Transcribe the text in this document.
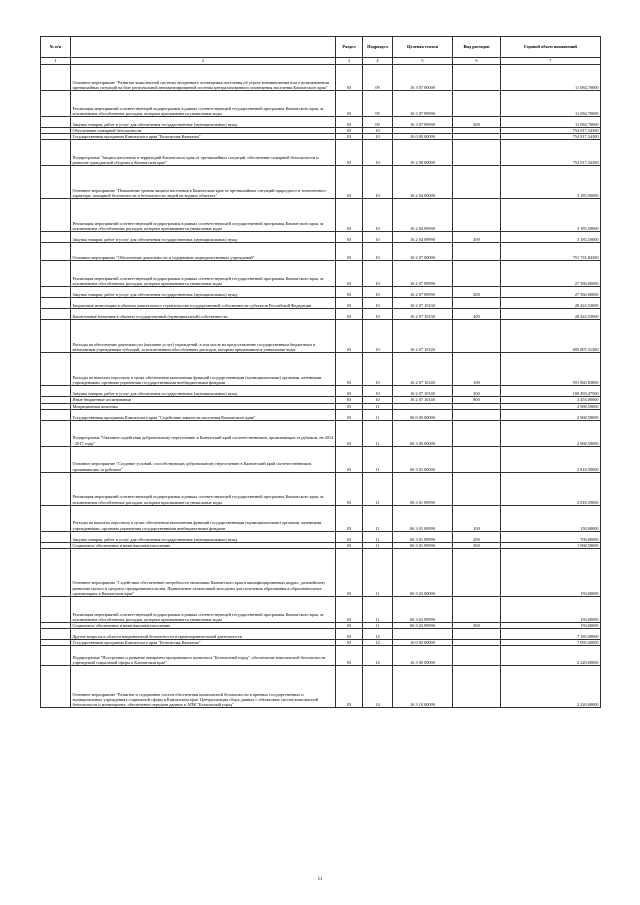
№ п/п		Раздел	Подраздел	Целевая статья	Вид расходов	Годовой объем назначений
1	2	3	4	5	6	7
	Основное мероприятие "Развитие комплексной системы экстренного оповещения населения об угрозе возникновения или о возникновении чрезвычайных ситуаций на базе региональной автоматизированной системы централизованного оповещения населения Камчатского края"	03	09	16 3 07 00000		11 084,70000
	Реализация мероприятий соответствующей подпрограммы в рамках соответствующей государственной программы Камчатского края, за исключением обособленных расходов, которым присваиваются уникальные коды	03	09	16 3 07 09990		11 084,70000
	Закупка товаров, работ и услуг для обеспечения государственных (муниципальных) нужд	03	09	16 3 07 09990	200	11 084,70000
	Обеспечение пожарной безопасности	03	10			754 917,34300
	Государственная программа Камчатского края "Безопасная Камчатка"	03	10	16 0 00 00000		754 917,34300
	Подпрограмма "Защита населения и территорий Камчатского края от чрезвычайных ситуаций, обеспечение пожарной безопасности и развитие гражданской обороны в Камчатском крае"	03	10	16 2 00 00000		754 917,34300
	Основное мероприятие "Повышение уровня защиты населения в Камчатском крае от чрезвычайных ситуаций природного и техногенного характера, пожарной безопасности и безопасности людей на водных объектах"	03	10	16 2 04 00000		3 185,50000
	Реализация мероприятий соответствующей подпрограммы в рамках соответствующей государственной программы Камчатского края, за исключением обособленных расходов, которым присваиваются уникальные коды	03	10	16 2 04 09990		3 185,50000
	Закупка товаров, работ и услуг для обеспечения государственных (муниципальных) нужд	03	10	16 2 04 09990	200	3 185,50000
	Основное мероприятие "Обеспечение деятельности и содержание подведомственных учреждений"	03	10	16 2 07 00000		751 731,84300
	Реализация мероприятий соответствующей подпрограммы в рамках соответствующей государственной программы Камчатского края, за исключением обособленных расходов, которым присваиваются уникальные коды	03	10	16 2 07 09990		27 560,00000
	Закупка товаров, работ и услуг для обеспечения государственных (муниципальных) нужд	03	10	16 2 07 09990	200	27 560,00000
	Бюджетные инвестиции в объекты капитального строительства государственной собственности субъектов Российской Федерации	03	10	16 2 07 10130		28 424,53000
	Капитальные вложения в объекты государственной (муниципальной) собственности	03	10	16 2 07 10130	400	28 424,53000
	Расходы на обеспечение деятельности (оказание услуг) учреждений, в том числе на предоставление государственным бюджетным и автономным учреждениям субсидий, за исключением обособленных расходов, которым присваиваются уникальные коды	03	10	16 2 07 10140		695 807,31300
	Расходы на выплаты персоналу в целях обеспечения выполнения функций государственными (муниципальными) органами, казенными учреждениями, органами управления государственными внебюджетными фондами	03	10	16 2 07 10140	100	591 860,83800
	Закупка товаров, работ и услуг для обеспечения государственных (муниципальных) нужд	03	10	16 2 07 10140	200	100 493,47500
	Иные бюджетные ассигнования	03	10	16 2 07 10140	800	3 453,00000
	Миграционная политика	03	11			2 968,59000
	Государственная программа Камчатского края "Содействие занятости населения Камчатского края"	03	11	06 0 00 00000		2 968,59000
	Подпрограмма "Оказание содействия добровольному переселению в Камчатский край соотечественников, проживающих за рубежом, на 2014 - 2017 годы"	03	11	06 3 00 00000		2 968,59000
	Основное мероприятие "Создание условий, способствующих добровольному переселению в Камчатский край соотечественников, проживающих за рубежом"	03	11	06 3 01 00000		2 818,59000
	Реализация мероприятий соответствующей подпрограммы в рамках соответствующей государственной программы Камчатского края, за исключением обособленных расходов, которым присваиваются уникальные коды	03	11	06 3 01 09990		2 818,59000
	Расходы на выплаты персоналу в целях обеспечения выполнения функций государственными (муниципальными) органами, казенными учреждениями, органами управления государственными внебюджетными фондами	03	11	06 3 01 09990	100	150,00000
	Закупка товаров, работ и услуг для обеспечения государственных (муниципальных) нужд	03	11	06 3 01 09990	200	700,00000
	Социальное обеспечение и иные выплаты населению	03	11	06 3 01 09990	300	1 968,59000
	Основное мероприятие "Содействие обеспечению потребности экономики Камчатского края в квалифицированных кадрах, дальнейшему развитию малого и среднего предпринимательства. Привлечение талантливой молодежи для получения образования в образовательных организациях в Камчатском крае"	03	11	06 3 02 00000		150,00000
	Реализация мероприятий соответствующей подпрограммы в рамках соответствующей государственной программы Камчатского края, за исключением обособленных расходов, которым присваиваются уникальные коды	03	11	06 3 02 09990		150,00000
	Социальное обеспечение и иные выплаты населению	03	11	06 3 02 09990	300	150,00000
	Другие вопросы в области национальной безопасности и правоохранительной деятельности	03	14			7 185,00000
	Государственная программа Камчатского края "Безопасная Камчатка"	03	14	16 0 00 00000		7 095,00000
	Подпрограмма "Построение и развитие аппаратно-программного комплекса "Безопасный город", обеспечение комплексной безопасности учреждений социальной сферы в Камчатском крае"	03	14	16 3 00 00000		2 220,00000
	Основное мероприятие "Развитие и содержание систем обеспечения комплексной безопасности в краевых государственных и муниципальных учреждениях социальной сферы в Камчатском крае. Централизация сбора данных с объектовых систем комплексной безопасности и мониторинга, обеспечение передачи данных в АПК "Безопасный город"	03	14	16 3 10 00000		2 220,00000
11
